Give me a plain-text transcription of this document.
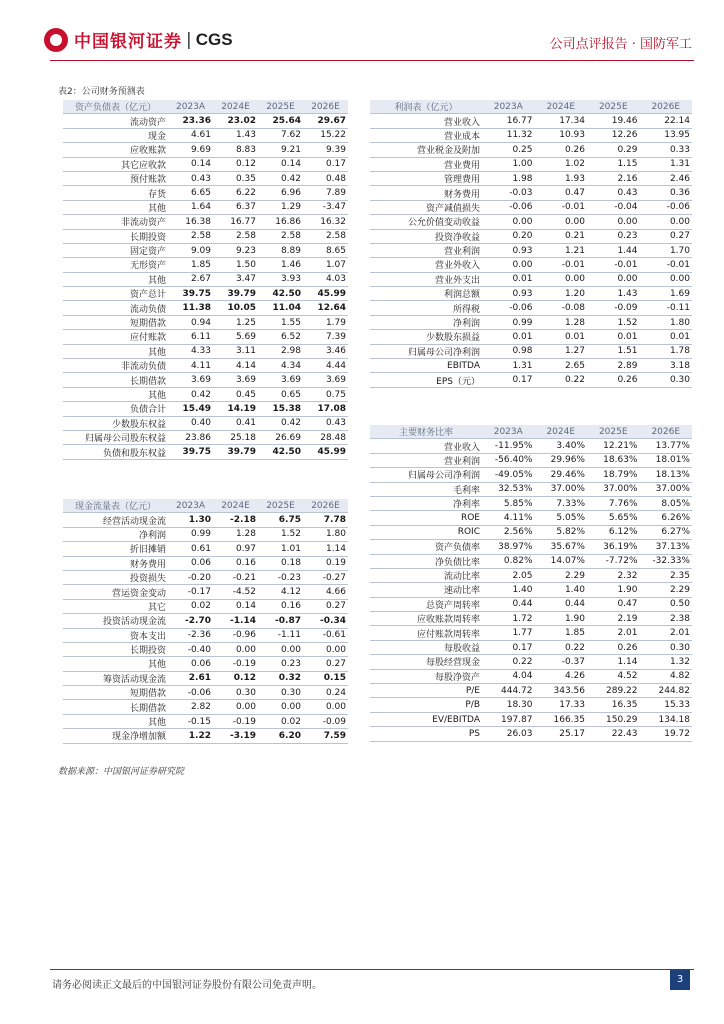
中国银河证券 | CGS	公司点评报告 · 国防军工
表2：公司财务预测表
资产负债表（亿元）	2023A	2024E	2025E	2026E
流动资产	23.36	23.02	25.64	29.67
现金	4.61	1.43	7.62	15.22
应收账款	9.69	8.83	9.21	9.39
其它应收款	0.14	0.12	0.14	0.17
预付账款	0.43	0.35	0.42	0.48
存货	6.65	6.22	6.96	7.89
其他	1.64	6.37	1.29	-3.47
非流动资产	16.38	16.77	16.86	16.32
长期投资	2.58	2.58	2.58	2.58
固定资产	9.09	9.23	8.89	8.65
无形资产	1.85	1.50	1.46	1.07
其他	2.67	3.47	3.93	4.03
资产总计	39.75	39.79	42.50	45.99
流动负债	11.38	10.05	11.04	12.64
短期借款	0.94	1.25	1.55	1.79
应付账款	6.11	5.69	6.52	7.39
其他	4.33	3.11	2.98	3.46
非流动负债	4.11	4.14	4.34	4.44
长期借款	3.69	3.69	3.69	3.69
其他	0.42	0.45	0.65	0.75
负债合计	15.49	14.19	15.38	17.08
少数股东权益	0.40	0.41	0.42	0.43
归属母公司股东权益	23.86	25.18	26.69	28.48
负债和股东权益	39.75	39.79	42.50	45.99
利润表（亿元）	2023A	2024E	2025E	2026E
营业收入	16.77	17.34	19.46	22.14
营业成本	11.32	10.93	12.26	13.95
营业税金及附加	0.25	0.26	0.29	0.33
营业费用	1.00	1.02	1.15	1.31
管理费用	1.98	1.93	2.16	2.46
财务费用	-0.03	0.47	0.43	0.36
资产减值损失	-0.06	-0.01	-0.04	-0.06
公允价值变动收益	0.00	0.00	0.00	0.00
投资净收益	0.20	0.21	0.23	0.27
营业利润	0.93	1.21	1.44	1.70
营业外收入	0.00	-0.01	-0.01	-0.01
营业外支出	0.01	0.00	0.00	0.00
利润总额	0.93	1.20	1.43	1.69
所得税	-0.06	-0.08	-0.09	-0.11
净利润	0.99	1.28	1.52	1.80
少数股东损益	0.01	0.01	0.01	0.01
归属母公司净利润	0.98	1.27	1.51	1.78
EBITDA	1.31	2.65	2.89	3.18
EPS（元）	0.17	0.22	0.26	0.30
现金流量表（亿元）	2023A	2024E	2025E	2026E
经营活动现金流	1.30	-2.18	6.75	7.78
净利润	0.99	1.28	1.52	1.80
折旧摊销	0.61	0.97	1.01	1.14
财务费用	0.06	0.16	0.18	0.19
投资损失	-0.20	-0.21	-0.23	-0.27
营运资金变动	-0.17	-4.52	4.12	4.66
其它	0.02	0.14	0.16	0.27
投资活动现金流	-2.70	-1.14	-0.87	-0.34
资本支出	-2.36	-0.96	-1.11	-0.61
长期投资	-0.40	0.00	0.00	0.00
其他	0.06	-0.19	0.23	0.27
筹资活动现金流	2.61	0.12	0.32	0.15
短期借款	-0.06	0.30	0.30	0.24
长期借款	2.82	0.00	0.00	0.00
其他	-0.15	-0.19	0.02	-0.09
现金净增加额	1.22	-3.19	6.20	7.59
主要财务比率	2023A	2024E	2025E	2026E
营业收入	-11.95%	3.40%	12.21%	13.77%
营业利润	-56.40%	29.96%	18.63%	18.01%
归属母公司净利润	-49.05%	29.46%	18.79%	18.13%
毛利率	32.53%	37.00%	37.00%	37.00%
净利率	5.85%	7.33%	7.76%	8.05%
ROE	4.11%	5.05%	5.65%	6.26%
ROIC	2.56%	5.82%	6.12%	6.27%
资产负债率	38.97%	35.67%	36.19%	37.13%
净负债比率	0.82%	14.07%	-7.72%	-32.33%
流动比率	2.05	2.29	2.32	2.35
速动比率	1.40	1.40	1.90	2.29
总资产周转率	0.44	0.44	0.47	0.50
应收账款周转率	1.72	1.90	2.19	2.38
应付账款周转率	1.77	1.85	2.01	2.01
每股收益	0.17	0.22	0.26	0.30
每股经营现金	0.22	-0.37	1.14	1.32
每股净资产	4.04	4.26	4.52	4.82
P/E	444.72	343.56	289.22	244.82
P/B	18.30	17.33	16.35	15.33
EV/EBITDA	197.87	166.35	150.29	134.18
PS	26.03	25.17	22.43	19.72
数据来源：中国银河证券研究院
请务必阅读正文最后的中国银河证券股份有限公司免责声明。
3
